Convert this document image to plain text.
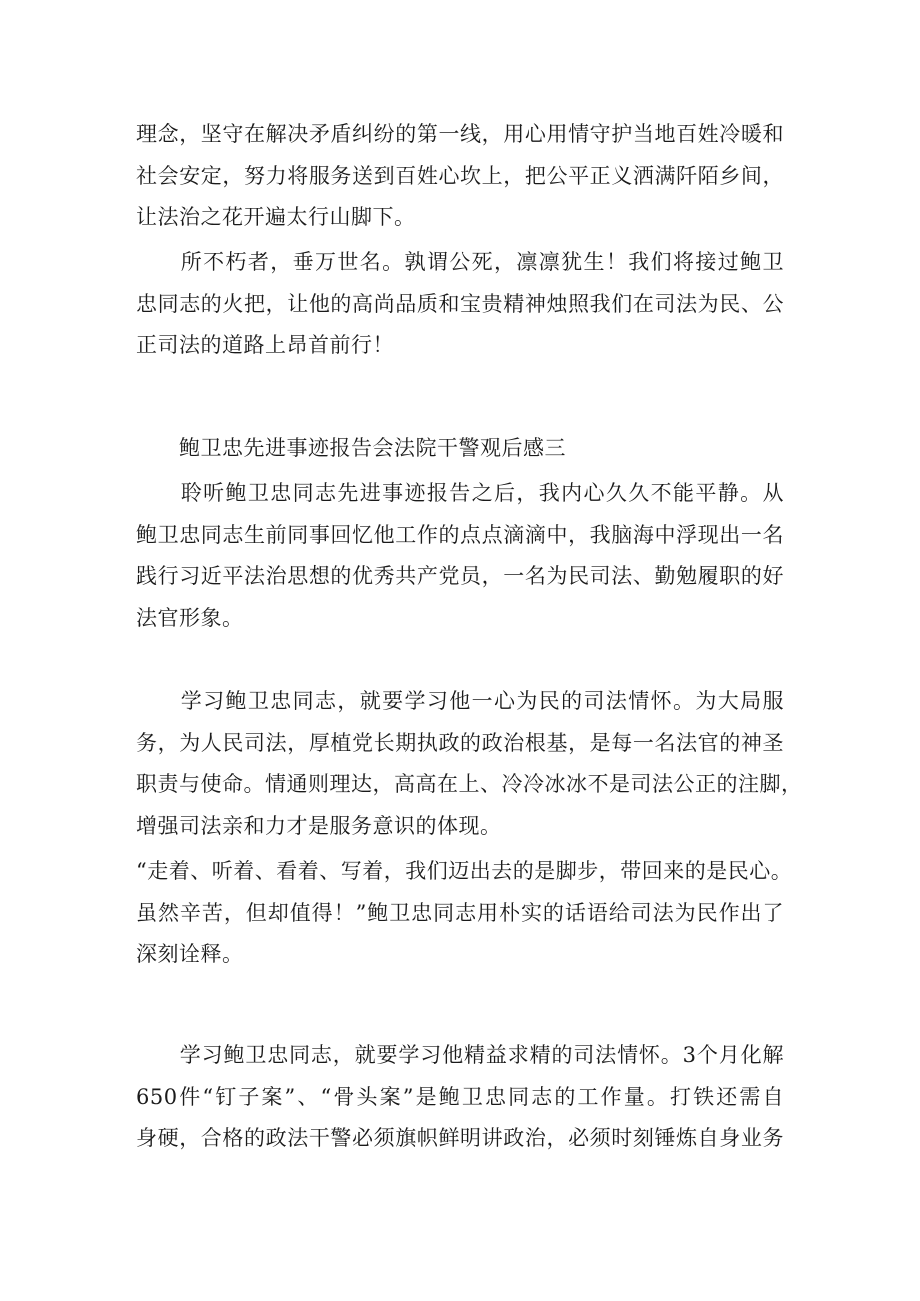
理念，坚守在解决矛盾纠纷的第一线，用心用情守护当地百姓冷暖和
社会安定，努力将服务送到百姓心坎上，把公平正义洒满阡陌乡间，
让法治之花开遍太行山脚下。
　　所不朽者，垂万世名。孰谓公死，凛凛犹生！我们将接过鲍卫
忠同志的火把，让他的高尚品质和宝贵精神烛照我们在司法为民、公
正司法的道路上昂首前行！
　　鲍卫忠先进事迹报告会法院干警观后感三
　　聆听鲍卫忠同志先进事迹报告之后，我内心久久不能平静。从
鲍卫忠同志生前同事回忆他工作的点点滴滴中，我脑海中浮现出一名
践行习近平法治思想的优秀共产党员，一名为民司法、勤勉履职的好
法官形象。
　　学习鲍卫忠同志，就要学习他一心为民的司法情怀。为大局服
务，为人民司法，厚植党长期执政的政治根基，是每一名法官的神圣
职责与使命。情通则理达，高高在上、冷冷冰冰不是司法公正的注脚，
增强司法亲和力才是服务意识的体现。
“走着、听着、看着、写着，我们迈出去的是脚步，带回来的是民心。
虽然辛苦，但却值得！”鲍卫忠同志用朴实的话语给司法为民作出了
深刻诠释。
　　学习鲍卫忠同志，就要学习他精益求精的司法情怀。3个月化解
650件“钉子案”、“骨头案”是鲍卫忠同志的工作量。打铁还需自
身硬，合格的政法干警必须旗帜鲜明讲政治，必须时刻锤炼自身业务
